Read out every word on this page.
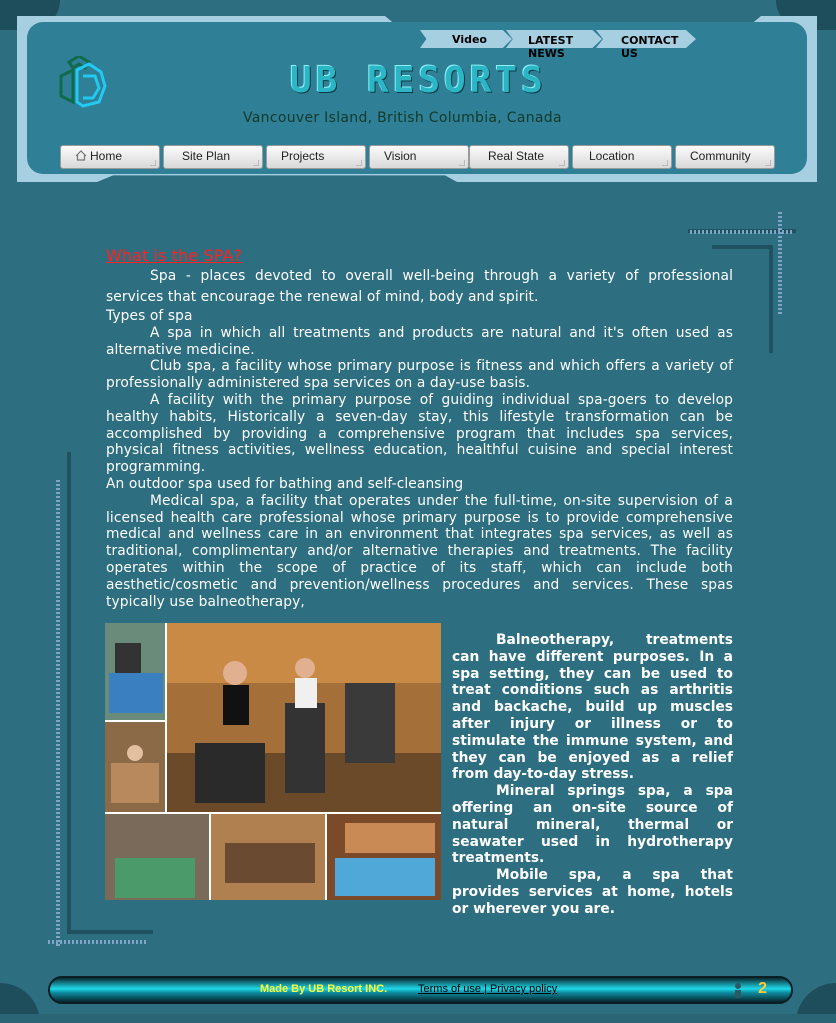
UB RESORTS
Vancouver Island, British Columbia, Canada
Video	LATEST NEWS
CONTACT US
Home	Site Plan	Projects	Vision	Real State	Location	Community

What is the SPA?

Spa - places devoted to overall well-being through a variety of professional services that encourage the renewal of mind, body and spirit.

Types of spa

A spa in which all treatments and products are natural and it's often used as alternative medicine.

Club spa, a facility whose primary purpose is fitness and which offers a variety of professionally administered spa services on a day-use basis.

A facility with the primary purpose of guiding individual spa-goers to develop healthy habits, Historically a seven-day stay, this lifestyle transformation can be accomplished by providing a comprehensive program that includes spa services, physical fitness activities, wellness education, healthful cuisine and special interest programming.

An outdoor spa used for bathing and self-cleansing

Medical spa, a facility that operates under the full-time, on-site supervision of a licensed health care professional whose primary purpose is to provide comprehensive medical and wellness care in an environment that integrates spa services, as well as traditional, complimentary and/or alternative therapies and treatments. The facility operates within the scope of practice of its staff, which can include both aesthetic/cosmetic and prevention/wellness procedures and services. These spas typically use balneotherapy,

Balneotherapy, treatments can have different purposes. In a spa setting, they can be used to treat conditions such as arthritis and backache, build up muscles after injury or illness or to stimulate the immune system, and they can be enjoyed as a relief from day-to-day stress.

Mineral springs spa, a spa offering an on-site source of natural mineral, thermal or seawater used in hydrotherapy treatments.

Mobile spa, a spa that provides services at home, hotels or wherever you are.

Made By UB Resort INC.	Terms of use | Privacy policy	2
